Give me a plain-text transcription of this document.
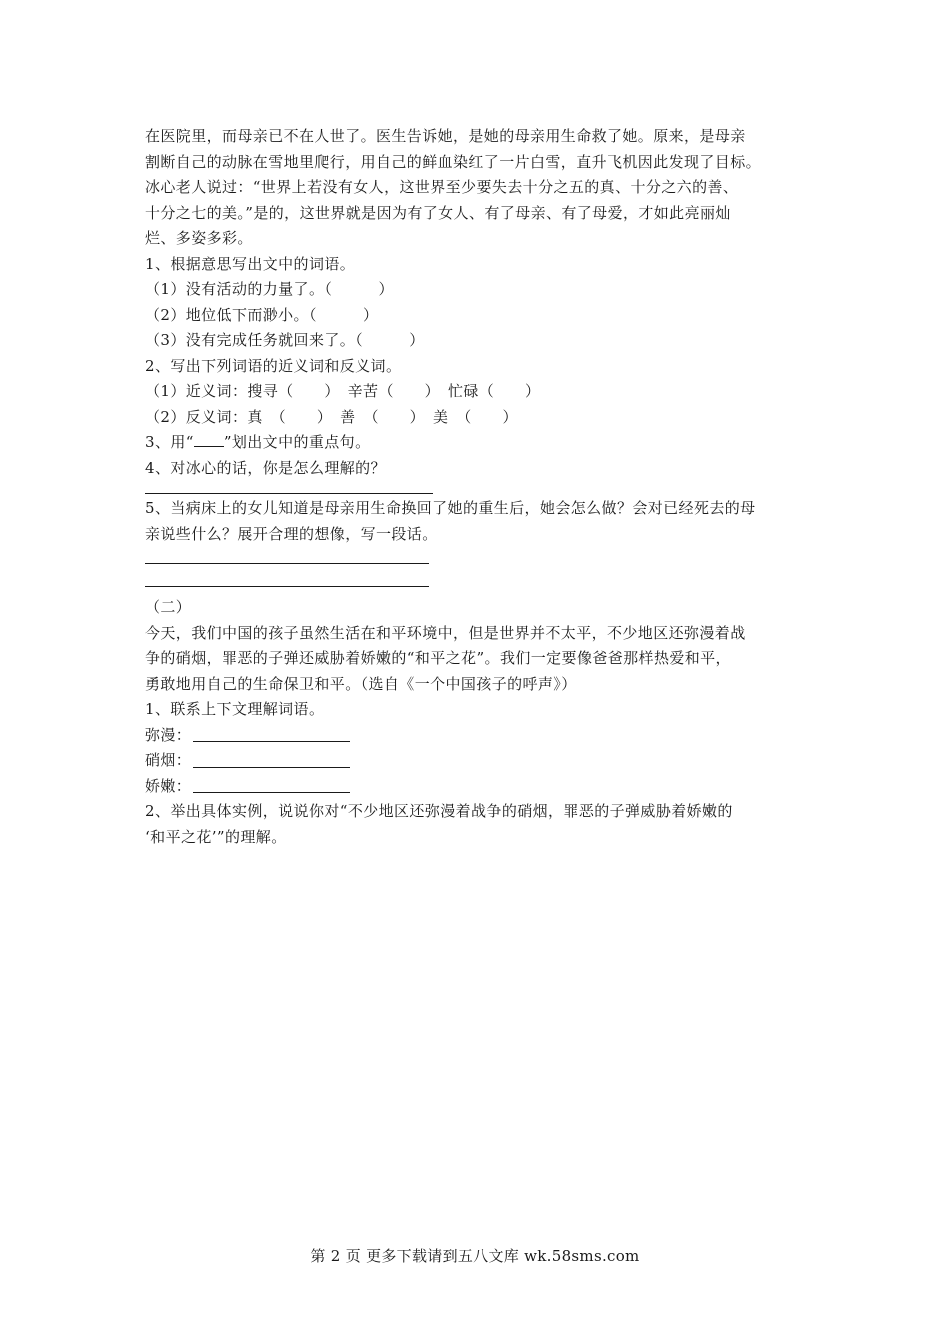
在医院里，而母亲已不在人世了。医生告诉她，是她的母亲用生命救了她。原来，是母亲
割断自己的动脉在雪地里爬行，用自己的鲜血染红了一片白雪，直升飞机因此发现了目标。
冰心老人说过：“世界上若没有女人，这世界至少要失去十分之五的真、十分之六的善、
十分之七的美。”是的，这世界就是因为有了女人、有了母亲、有了母爱，才如此亮丽灿
烂、多姿多彩。
1、根据意思写出文中的词语。
（1）没有活动的力量了。（　　　）
（2）地位低下而渺小。（　　　）
（3）没有完成任务就回来了。（　　　）
2、写出下列词语的近义词和反义词。
（1）近义词：搜寻（　　）　辛苦（　　）　忙碌（　　）
（2）反义词：真　（　　）　善　（　　）　美　（　　）
3、用“ ”划出文中的重点句。
4、对冰心的话，你是怎么理解的？
5、当病床上的女儿知道是母亲用生命换回了她的重生后，她会怎么做？会对已经死去的母
亲说些什么？展开合理的想像，写一段话。
（二）
今天，我们中国的孩子虽然生活在和平环境中，但是世界并不太平，不少地区还弥漫着战
争的硝烟，罪恶的子弹还威胁着娇嫩的“和平之花”。我们一定要像爸爸那样热爱和平，
勇敢地用自己的生命保卫和平。（选自《一个中国孩子的呼声》）
1、联系上下文理解词语。
弥漫：
硝烟：
娇嫩：
2、举出具体实例，说说你对“不少地区还弥漫着战争的硝烟，罪恶的子弹威胁着娇嫩的
‘和平之花’”的理解。
第 2 页 更多下载请到五八文库 wk.58sms.com
